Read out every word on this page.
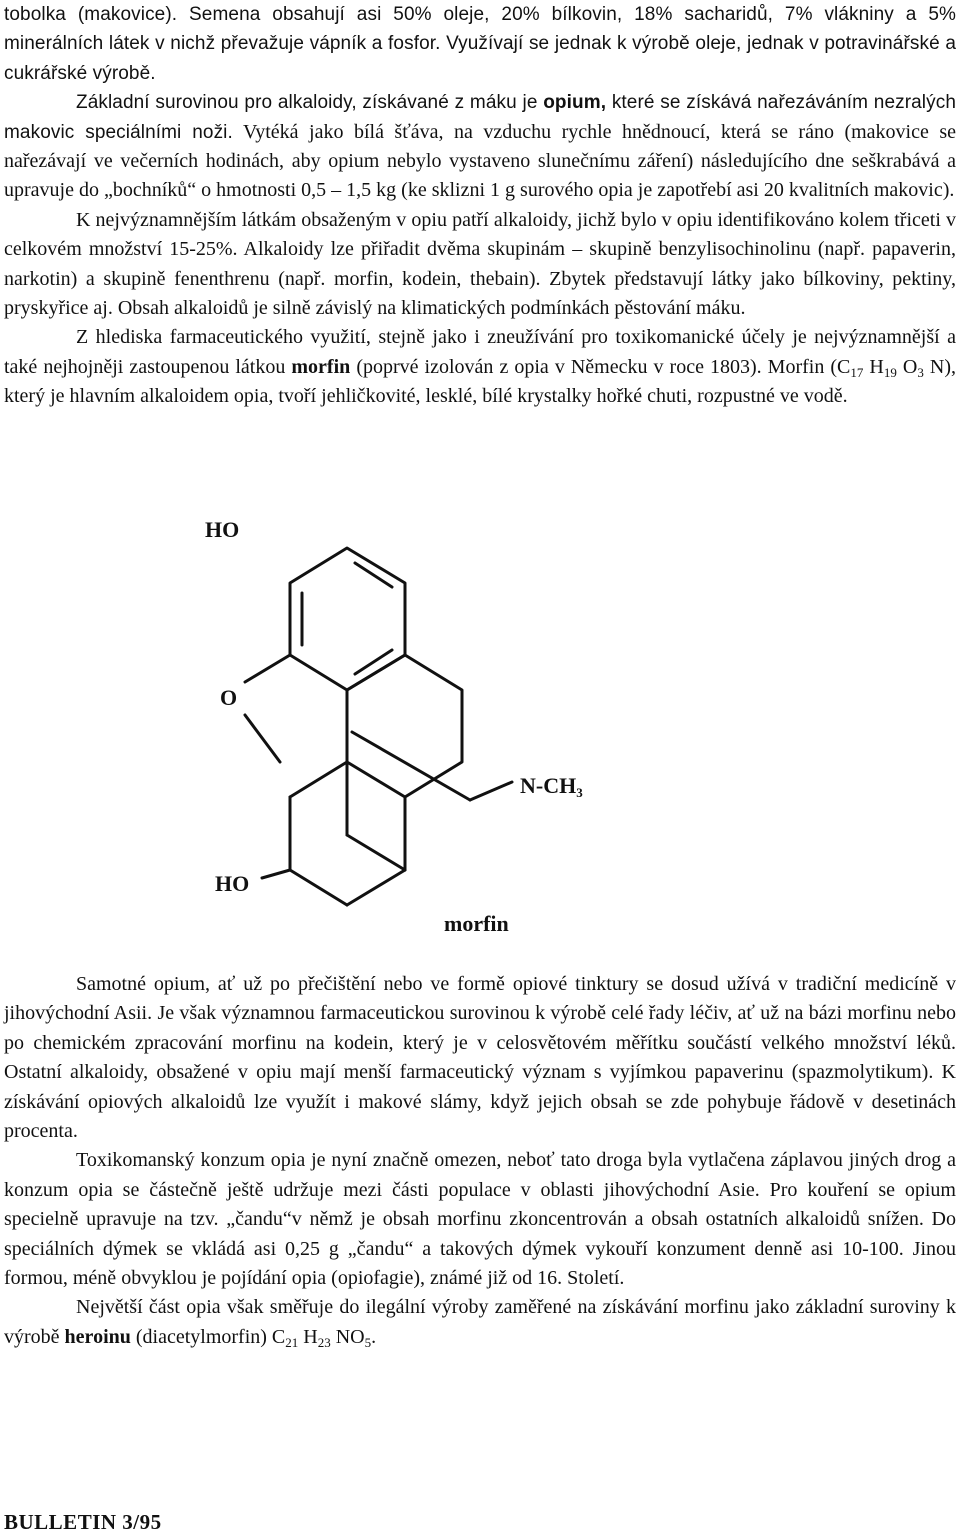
tobolka (makovice). Semena obsahují asi 50% oleje, 20% bílkovin, 18% sacharidů, 7% vlákniny a 5% minerálních látek v nichž převažuje vápník a fosfor. Využívají se jednak k výrobě oleje, jednak v potravinářské a cukrářské výrobě.

Základní surovinou pro alkaloidy, získávané z máku je opium, které se získává nařezáváním nezralých makovic speciálními noži. Vytéká jako bílá šťáva, na vzduchu rychle hnědnoucí, která se ráno (makovice se nařezávají ve večerních hodinách, aby opium nebylo vystaveno slunečnímu záření) následujícího dne seškrabává a upravuje do „bochníků“ o hmotnosti 0,5 – 1,5 kg (ke sklizni 1 g surového opia je zapotřebí asi 20 kvalitních makovic).

K nejvýznamnějším látkám obsaženým v opiu patří alkaloidy, jichž bylo v opiu identifikováno kolem třiceti v celkovém množství 15-25%. Alkaloidy lze přiřadit dvěma skupinám – skupině benzylisochinolinu (např. papaverin, narkotin) a skupině fenenthrenu (např. morfin, kodein, thebain). Zbytek představují látky jako bílkoviny, pektiny, pryskyřice aj. Obsah alkaloidů je silně závislý na klimatických podmínkách pěstování máku.

Z hlediska farmaceutického využití, stejně jako i zneužívání pro toxikomanické účely je nejvýznamnější a také nejhojněji zastoupenou látkou morfin (poprvé izolován z opia v Německu v roce 1803). Morfin ($C_{17}$ $H_{19}$ $O_3$ N), který je hlavním alkaloidem opia, tvoří jehličkovité, lesklé, bílé krystalky hořké chuti, rozpustné ve vodě.

HO
O
$N-CH_3$
HO
morfin

Samotné opium, ať už po přečištění nebo ve formě opiové tinktury se dosud užívá v tradiční medicíně v jihovýchodní Asii. Je však významnou farmaceutickou surovinou k výrobě celé řady léčiv, ať už na bázi morfinu nebo po chemickém zpracování morfinu na kodein, který je v celosvětovém měřítku součástí velkého množství léků. Ostatní alkaloidy, obsažené v opiu mají menší farmaceutický význam s vyjímkou papaverinu (spazmolytikum). K získávání opiových alkaloidů lze využít i makové slámy, když jejich obsah se zde pohybuje řádově v desetinách procenta.

Toxikomanský konzum opia je nyní značně omezen, neboť tato droga byla vytlačena záplavou jiných drog a konzum opia se částečně ještě udržuje mezi části populace v oblasti jihovýchodní Asie. Pro kouření se opium specielně upravuje na tzv. „čandu“v němž je obsah morfinu zkoncentrován a obsah ostatních alkaloidů snížen. Do speciálních dýmek se vkládá asi 0,25 g „čandu“ a takových dýmek vykouří konzument denně asi 10-100. Jinou formou, méně obvyklou je pojídání opia (opiofagie), známé již od 16. Století.

Největší část opia však směřuje do ilegální výroby zaměřené na získávání morfinu jako základní suroviny k výrobě heroinu (diacetylmorfin) $C_{21}$ $H_{23}$ $NO_5$.

BULLETIN 3/95
